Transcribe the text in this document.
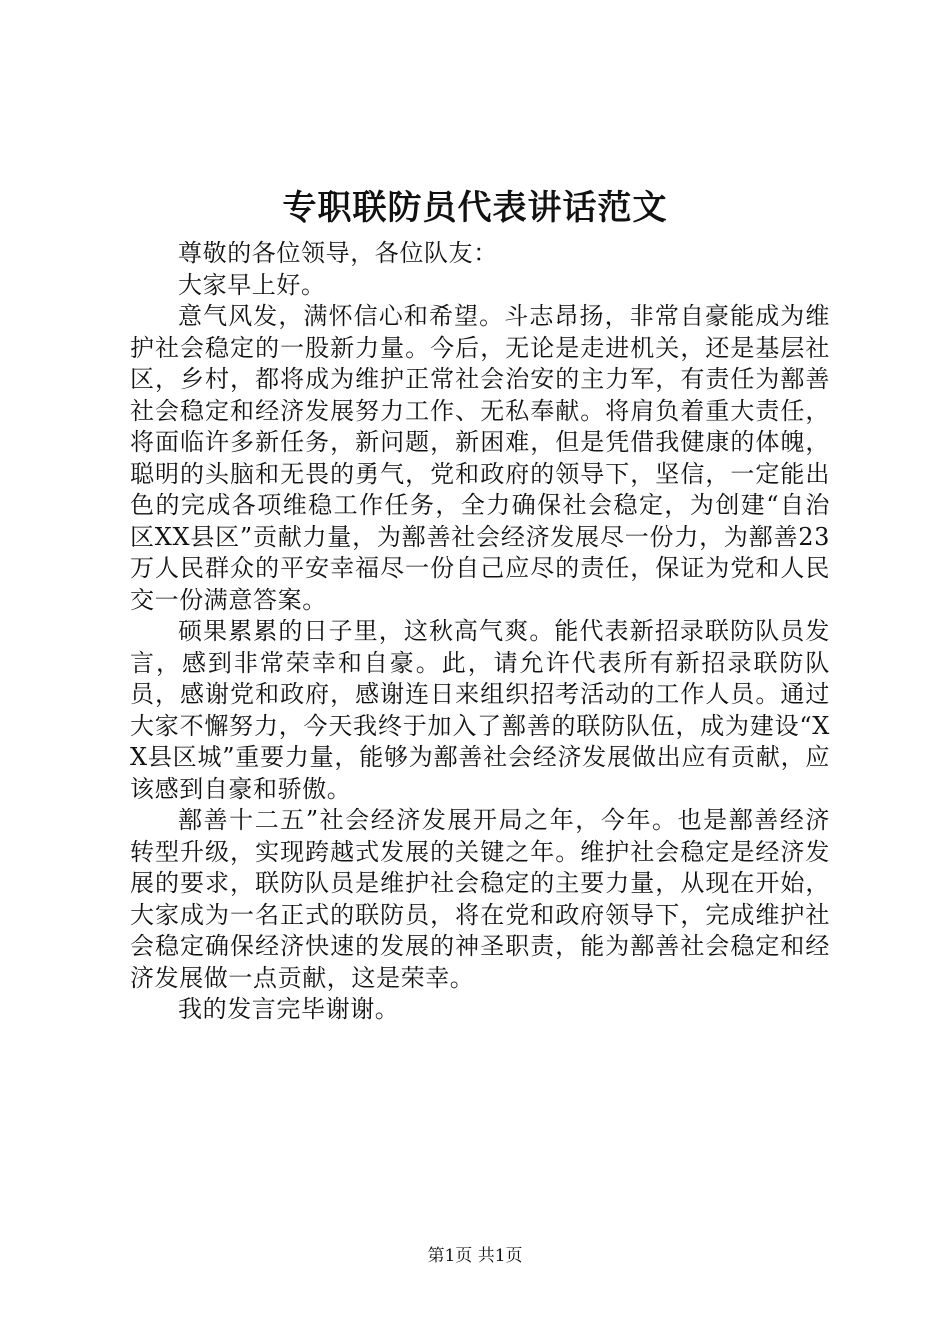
专职联防员代表讲话范文

尊敬的各位领导，各位队友：

大家早上好。

意气风发，满怀信心和希望。斗志昂扬，非常自豪能成为维护社会稳定的一股新力量。今后，无论是走进机关，还是基层社区，乡村，都将成为维护正常社会治安的主力军，有责任为鄯善社会稳定和经济发展努力工作、无私奉献。将肩负着重大责任，将面临许多新任务，新问题，新困难，但是凭借我健康的体魄，聪明的头脑和无畏的勇气，党和政府的领导下，坚信，一定能出色的完成各项维稳工作任务，全力确保社会稳定，为创建“自治区XX县区”贡献力量，为鄯善社会经济发展尽一份力，为鄯善23万人民群众的平安幸福尽一份自己应尽的责任，保证为党和人民交一份满意答案。

硕果累累的日子里，这秋高气爽。能代表新招录联防队员发言，感到非常荣幸和自豪。此，请允许代表所有新招录联防队员，感谢党和政府，感谢连日来组织招考活动的工作人员。通过大家不懈努力，今天我终于加入了鄯善的联防队伍，成为建设“XX县区城”重要力量，能够为鄯善社会经济发展做出应有贡献，应该感到自豪和骄傲。

鄯善十二五”社会经济发展开局之年，今年。也是鄯善经济转型升级，实现跨越式发展的关键之年。维护社会稳定是经济发展的要求，联防队员是维护社会稳定的主要力量，从现在开始，大家成为一名正式的联防员，将在党和政府领导下，完成维护社会稳定确保经济快速的发展的神圣职责，能为鄯善社会稳定和经济发展做一点贡献，这是荣幸。

我的发言完毕谢谢。

第1页 共1页
